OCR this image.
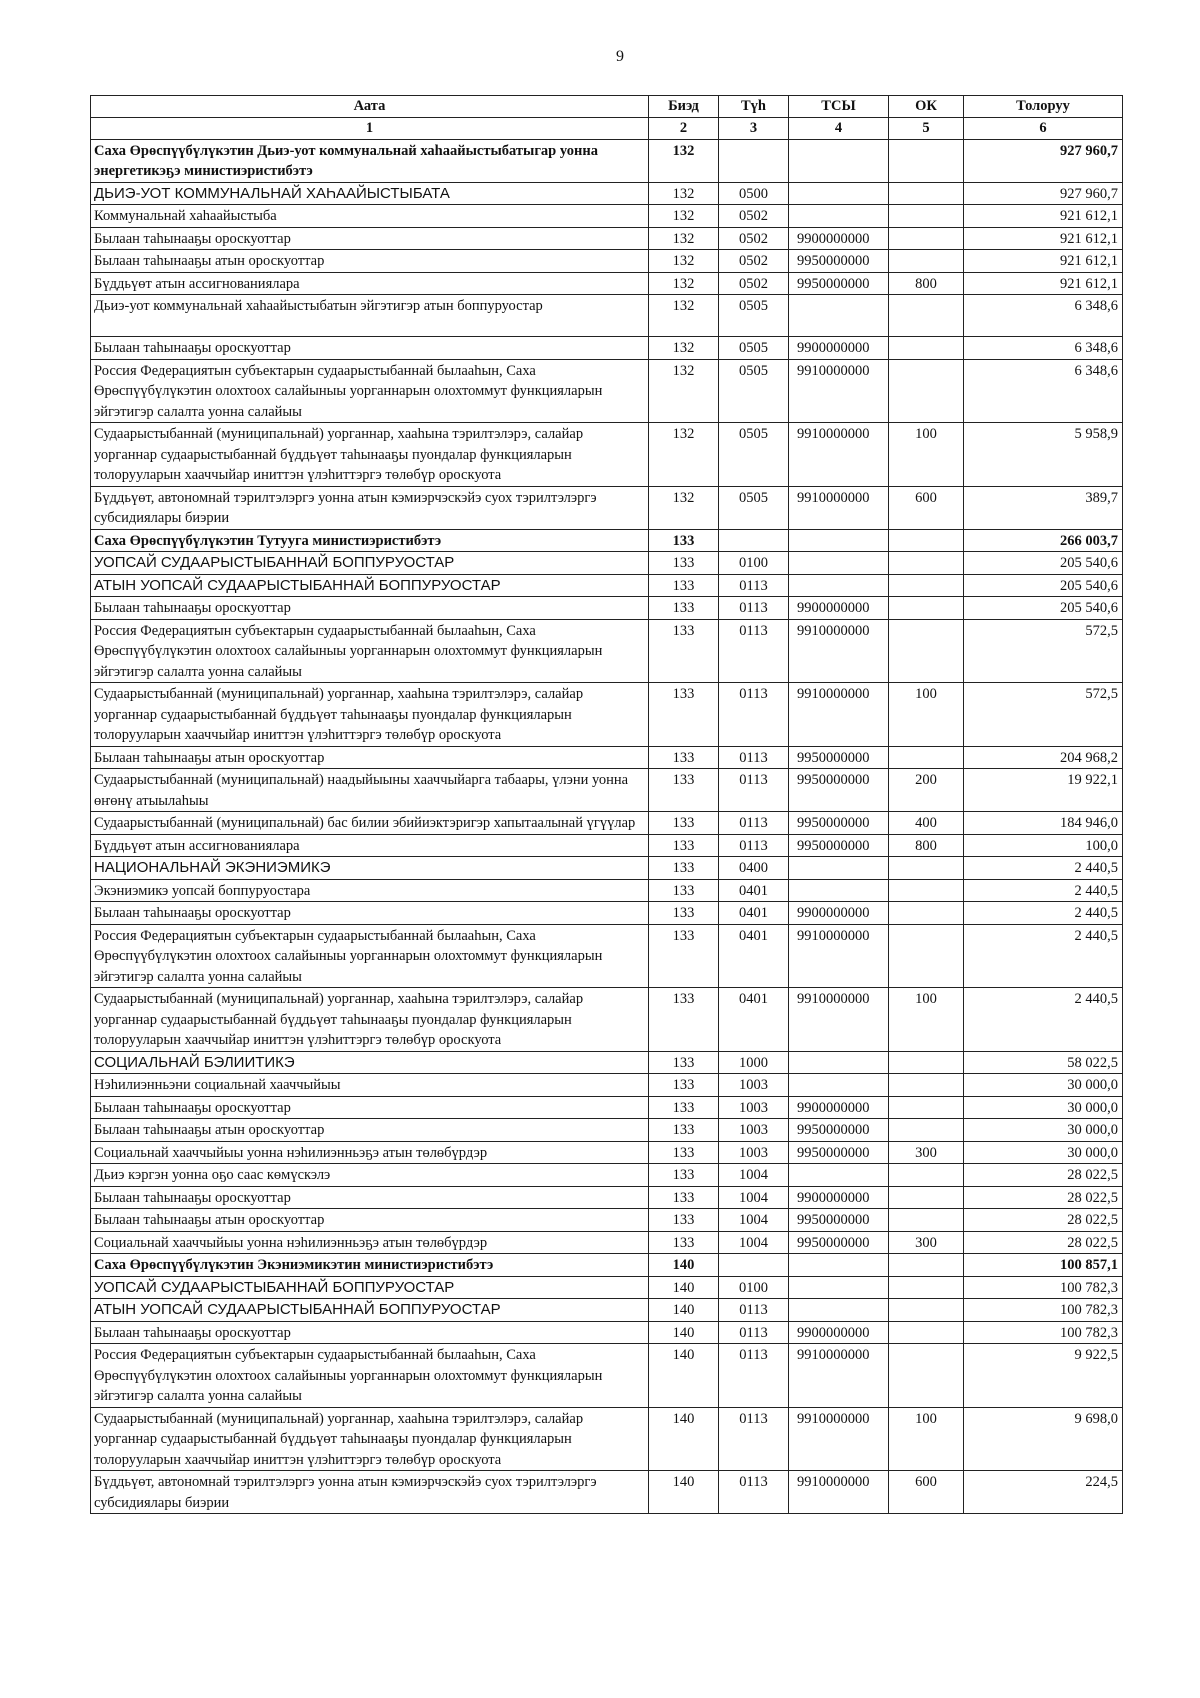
9
Аата	Биэд	Түh	ТСЫ	ОК	Толоруу
1	2	3	4	5	6
Саха Өрөспүүбүлүкэтин Дьиэ-уот коммунальнай хаhаайыстыбатыгар уонна энергетикэҕэ министиэристибэтэ	132				927 960,7
ДЬИЭ-УОТ КОММУНАЛЬНАЙ ХАҺААЙЫСТЫБАТА	132	0500			927 960,7
Коммунальнай хаhаайыстыба	132	0502			921 612,1
Былаан таhынааҕы ороскуоттар	132	0502	9900000000		921 612,1
Былаан таhынааҕы атын ороскуоттар	132	0502	9950000000		921 612,1
Бүддьүөт атын ассигнованиялара	132	0502	9950000000	800	921 612,1
Дьиэ-уот коммунальнай хаhаайыстыбатын эйгэтигэр атын боппуруостар	132	0505			6 348,6
Былаан таhынааҕы ороскуоттар	132	0505	9900000000		6 348,6
Россия Федерациятын субъектарын судаарыстыбаннай былааhын, Саха Өрөспүүбүлүкэтин олохтоох салайыныы уорганнарын олохтоммут функцияларын эйгэтигэр салалта уонна салайыы	132	0505	9910000000		6 348,6
Судаарыстыбаннай (муниципальнай) уорганнар, хааhына тэрилтэлэрэ, салайар уорганнар судаарыстыбаннай бүддьүөт таhынааҕы пуондалар функцияларын толорууларын хааччыйар иниттэн үлэhиттэргэ төлөбүр ороскуота	132	0505	9910000000	100	5 958,9
Бүддьүөт, автономнай тэрилтэлэргэ уонна атын кэмиэрчэскэйэ суох тэрилтэлэргэ субсидиялары биэрии	132	0505	9910000000	600	389,7
Саха Өрөспүүбүлүкэтин Тутууга министиэристибэтэ	133				266 003,7
УОПСАЙ СУДААРЫСТЫБАННАЙ БОППУРУОСТАР	133	0100			205 540,6
АТЫН УОПСАЙ СУДААРЫСТЫБАННАЙ БОППУРУОСТАР	133	0113			205 540,6
Былаан таhынааҕы ороскуоттар	133	0113	9900000000		205 540,6
Россия Федерациятын субъектарын судаарыстыбаннай былааhын, Саха Өрөспүүбүлүкэтин олохтоох салайыныы уорганнарын олохтоммут функцияларын эйгэтигэр салалта уонна салайыы	133	0113	9910000000		572,5
Судаарыстыбаннай (муниципальнай) уорганнар, хааhына тэрилтэлэрэ, салайар уорганнар судаарыстыбаннай бүддьүөт таhынааҕы пуондалар функцияларын толорууларын хааччыйар иниттэн үлэhиттэргэ төлөбүр ороскуота	133	0113	9910000000	100	572,5
Былаан таhынааҕы атын ороскуоттар	133	0113	9950000000		204 968,2
Судаарыстыбаннай (муниципальнай) наадыйыыны хааччыйарга табаары, үлэни уонна өҥөнү атыылаhыы	133	0113	9950000000	200	19 922,1
Судаарыстыбаннай (муниципальнай) бас билии эбийиэктэригэр хапытаалынай үгүүлар	133	0113	9950000000	400	184 946,0
Бүддьүөт атын ассигнованиялара	133	0113	9950000000	800	100,0
НАЦИОНАЛЬНАЙ ЭКЭНИЭМИКЭ	133	0400			2 440,5
Экэниэмикэ уопсай боппуруостара	133	0401			2 440,5
Былаан таhынааҕы ороскуоттар	133	0401	9900000000		2 440,5
Россия Федерациятын субъектарын судаарыстыбаннай былааhын, Саха Өрөспүүбүлүкэтин олохтоох салайыныы уорганнарын олохтоммут функцияларын эйгэтигэр салалта уонна салайыы	133	0401	9910000000		2 440,5
Судаарыстыбаннай (муниципальнай) уорганнар, хааhына тэрилтэлэрэ, салайар уорганнар судаарыстыбаннай бүддьүөт таhынааҕы пуондалар функцияларын толорууларын хааччыйар иниттэн үлэhиттэргэ төлөбүр ороскуота	133	0401	9910000000	100	2 440,5
СОЦИАЛЬНАЙ БЭЛИИТИКЭ	133	1000			58 022,5
Нэhилиэнньэни социальнай хааччыйыы	133	1003			30 000,0
Былаан таhынааҕы ороскуоттар	133	1003	9900000000		30 000,0
Былаан таhынааҕы атын ороскуоттар	133	1003	9950000000		30 000,0
Социальнай хааччыйыы уонна нэhилиэнньэҕэ атын төлөбүрдэр	133	1003	9950000000	300	30 000,0
Дьиэ кэргэн уонна оҕо саас көмүскэлэ	133	1004			28 022,5
Былаан таhынааҕы ороскуоттар	133	1004	9900000000		28 022,5
Былаан таhынааҕы атын ороскуоттар	133	1004	9950000000		28 022,5
Социальнай хааччыйыы уонна нэhилиэнньэҕэ атын төлөбүрдэр	133	1004	9950000000	300	28 022,5
Саха Өрөспүүбүлүкэтин Экэниэмикэтин министиэристибэтэ	140				100 857,1
УОПСАЙ СУДААРЫСТЫБАННАЙ БОППУРУОСТАР	140	0100			100 782,3
АТЫН УОПСАЙ СУДААРЫСТЫБАННАЙ БОППУРУОСТАР	140	0113			100 782,3
Былаан таhынааҕы ороскуоттар	140	0113	9900000000		100 782,3
Россия Федерациятын субъектарын судаарыстыбаннай былааhын, Саха Өрөспүүбүлүкэтин олохтоох салайыныы уорганнарын олохтоммут функцияларын эйгэтигэр салалта уонна салайыы	140	0113	9910000000		9 922,5
Судаарыстыбаннай (муниципальнай) уорганнар, хааhына тэрилтэлэрэ, салайар уорганнар судаарыстыбаннай бүддьүөт таhынааҕы пуондалар функцияларын толорууларын хааччыйар иниттэн үлэhиттэргэ төлөбүр ороскуота	140	0113	9910000000	100	9 698,0
Бүддьүөт, автономнай тэрилтэлэргэ уонна атын кэмиэрчэскэйэ суох тэрилтэлэргэ субсидиялары биэрии	140	0113	9910000000	600	224,5
